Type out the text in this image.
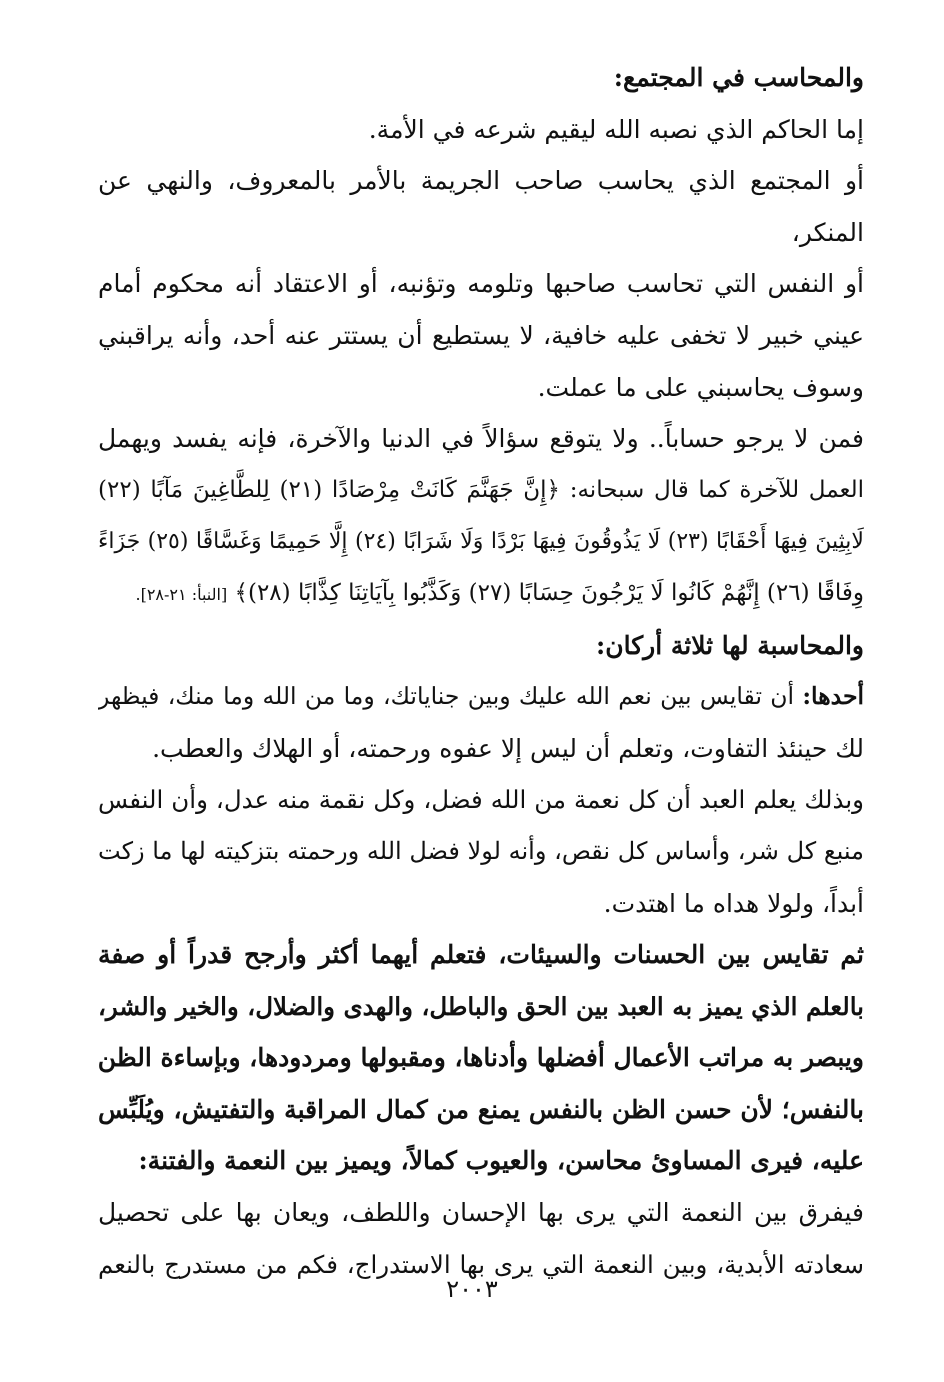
والمحاسب في المجتمع:
إما الحاكم الذي نصبه الله ليقيم شرعه في الأمة.
أو المجتمع الذي يحاسب صاحب الجريمة بالأمر بالمعروف، والنهي عن
المنكر،
أو النفس التي تحاسب صاحبها وتلومه وتؤنبه، أو الاعتقاد أنه محكوم أمام
عيني خبير لا تخفى عليه خافية، لا يستطيع أن يستتر عنه أحد، وأنه يراقبني
وسوف يحاسبني على ما عملت.
فمن لا يرجو حساباً.. ولا يتوقع سؤالاً في الدنيا والآخرة، فإنه يفسد ويهمل
العمل للآخرة كما قال سبحانه: ﴿إِنَّ جَهَنَّمَ كَانَتْ مِرْصَادًا (٢١) لِلطَّاغِينَ مَآبًا (٢٢)
لَابِثِينَ فِيهَا أَحْقَابًا (٢٣) لَا يَذُوقُونَ فِيهَا بَرْدًا وَلَا شَرَابًا (٢٤) إِلَّا حَمِيمًا وَغَسَّاقًا (٢٥) جَزَاءً
وِفَاقًا (٢٦) إِنَّهُمْ كَانُوا لَا يَرْجُونَ حِسَابًا (٢٧) وَكَذَّبُوا بِآيَاتِنَا كِذَّابًا (٢٨)﴾ [النبأ: ٢١-٢٨].
والمحاسبة لها ثلاثة أركان:
أحدها: أن تقايس بين نعم الله عليك وبين جناياتك، وما من الله وما منك، فيظهر
لك حينئذ التفاوت، وتعلم أن ليس إلا عفوه ورحمته، أو الهلاك والعطب.
وبذلك يعلم العبد أن كل نعمة من الله فضل، وكل نقمة منه عدل، وأن النفس
منبع كل شر، وأساس كل نقص، وأنه لولا فضل الله ورحمته بتزكيته لها ما زكت
أبداً، ولولا هداه ما اهتدت.
ثم تقايس بين الحسنات والسيئات، فتعلم أيهما أكثر وأرجح قدراً أو صفة
بالعلم الذي يميز به العبد بين الحق والباطل، والهدى والضلال، والخير والشر،
ويبصر به مراتب الأعمال أفضلها وأدناها، ومقبولها ومردودها، وبإساءة الظن
بالنفس؛ لأن حسن الظن بالنفس يمنع من كمال المراقبة والتفتيش، ويُلَبِّس
عليه، فيرى المساوئ محاسن، والعيوب كمالاً، ويميز بين النعمة والفتنة:
فيفرق بين النعمة التي يرى بها الإحسان واللطف، ويعان بها على تحصيل
سعادته الأبدية، وبين النعمة التي يرى بها الاستدراج، فكم من مستدرج بالنعم
٢٠٠٣
